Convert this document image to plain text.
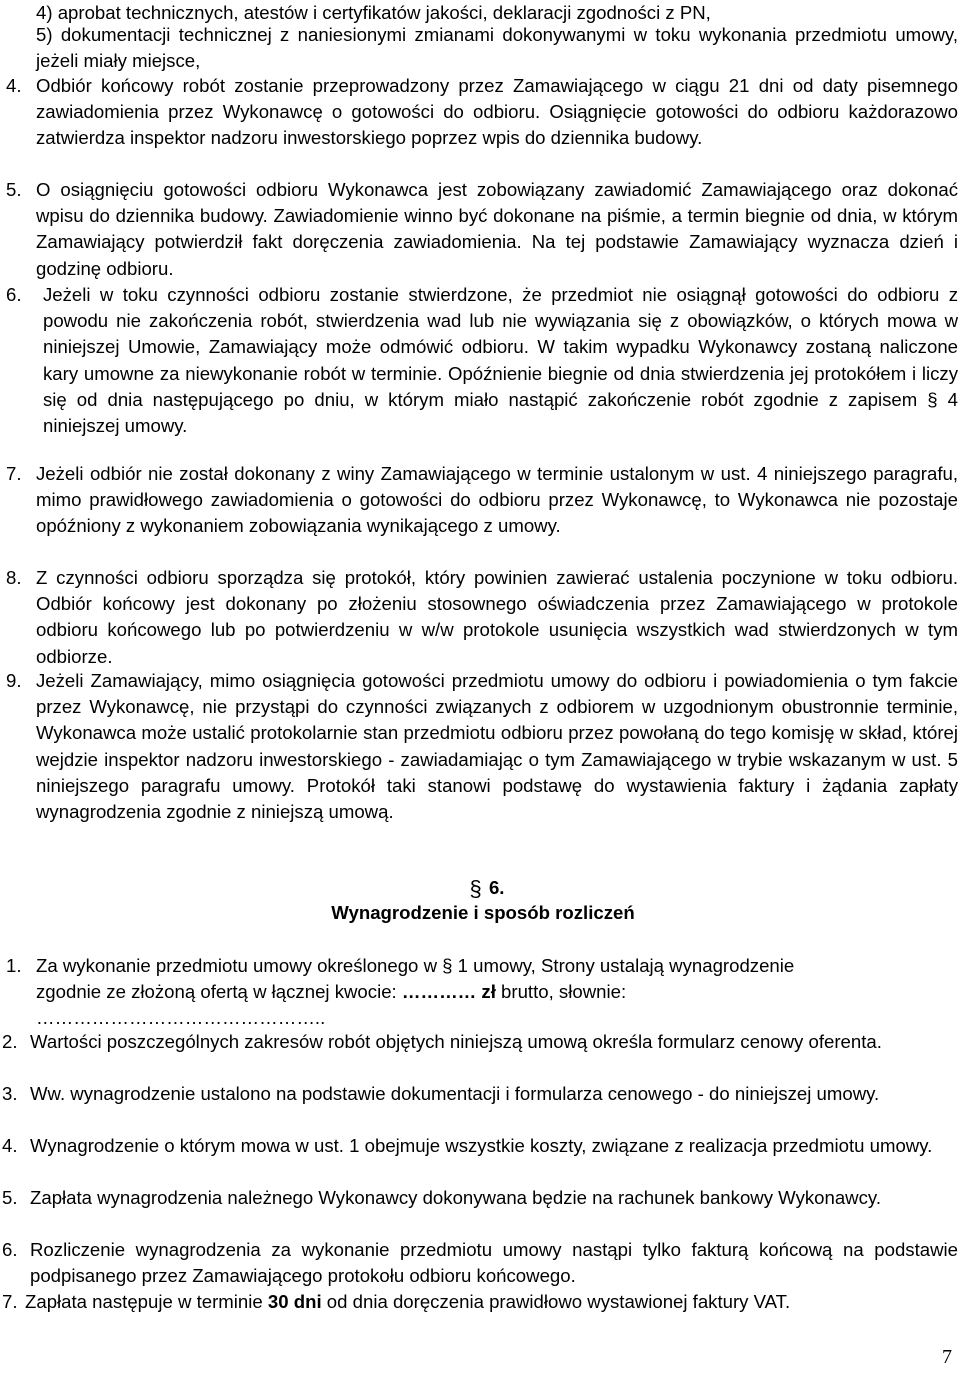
4) aprobat technicznych, atestów i certyfikatów jakości, deklaracji zgodności z PN,
5) dokumentacji technicznej z naniesionymi zmianami dokonywanymi w toku wykonania przedmiotu umowy, jeżeli miały miejsce,
4. Odbiór końcowy robót zostanie przeprowadzony przez Zamawiającego w ciągu 21 dni od daty pisemnego zawiadomienia przez Wykonawcę o gotowości do odbioru. Osiągnięcie gotowości do odbioru każdorazowo zatwierdza inspektor nadzoru inwestorskiego poprzez wpis do dziennika budowy.
5. O osiągnięciu gotowości odbioru Wykonawca jest zobowiązany zawiadomić Zamawiającego oraz dokonać wpisu do dziennika budowy. Zawiadomienie winno być dokonane na piśmie, a termin biegnie od dnia, w którym Zamawiający potwierdził fakt doręczenia zawiadomienia. Na tej podstawie Zamawiający wyznacza dzień i godzinę odbioru.
6. Jeżeli w toku czynności odbioru zostanie stwierdzone, że przedmiot nie osiągnął gotowości do odbioru z powodu nie zakończenia robót, stwierdzenia wad lub nie wywiązania się z obowiązków, o których mowa w niniejszej Umowie, Zamawiający może odmówić odbioru. W takim wypadku Wykonawcy zostaną naliczone kary umowne za niewykonanie robót w terminie. Opóźnienie biegnie od dnia stwierdzenia jej protokółem i liczy się od dnia następującego po dniu, w którym miało nastąpić zakończenie robót zgodnie z zapisem § 4 niniejszej umowy.
7. Jeżeli odbiór nie został dokonany z winy Zamawiającego w terminie ustalonym w ust. 4 niniejszego paragrafu, mimo prawidłowego zawiadomienia o gotowości do odbioru przez Wykonawcę, to Wykonawca nie pozostaje opóźniony z wykonaniem zobowiązania wynikającego z umowy.
8. Z czynności odbioru sporządza się protokół, który powinien zawierać ustalenia poczynione w toku odbioru. Odbiór końcowy jest dokonany po złożeniu stosownego oświadczenia przez Zamawiającego w protokole odbioru końcowego lub po potwierdzeniu w w/w protokole usunięcia wszystkich wad stwierdzonych w tym odbiorze.
9. Jeżeli Zamawiający, mimo osiągnięcia gotowości przedmiotu umowy do odbioru i powiadomienia o tym fakcie przez Wykonawcę, nie przystąpi do czynności związanych z odbiorem w uzgodnionym obustronnie terminie, Wykonawca może ustalić protokolarnie stan przedmiotu odbioru przez powołaną do tego komisję w skład, której wejdzie inspektor nadzoru inwestorskiego - zawiadamiając o tym Zamawiającego w trybie wskazanym w ust. 5 niniejszego paragrafu umowy. Protokół taki stanowi podstawę do wystawienia faktury i żądania zapłaty wynagrodzenia zgodnie z niniejszą umową.
§ 6.
Wynagrodzenie i sposób rozliczeń
1. Za wykonanie przedmiotu umowy określonego w § 1 umowy, Strony ustalają wynagrodzenie
zgodnie ze złożoną ofertą w łącznej kwocie: ………… zł brutto, słownie:
………………………………………..
2. Wartości poszczególnych zakresów robót objętych niniejszą umową określa formularz cenowy oferenta.
3. Ww. wynagrodzenie ustalono na podstawie dokumentacji i formularza cenowego - do niniejszej umowy.
4. Wynagrodzenie o którym mowa w ust. 1 obejmuje wszystkie koszty, związane z realizacja przedmiotu umowy.
5. Zapłata wynagrodzenia należnego Wykonawcy dokonywana będzie na rachunek bankowy Wykonawcy.
6. Rozliczenie wynagrodzenia za wykonanie przedmiotu umowy nastąpi tylko fakturą końcową na podstawie podpisanego przez Zamawiającego protokołu odbioru końcowego.
7. Zapłata następuje w terminie 30 dni od dnia doręczenia prawidłowo wystawionej faktury VAT.
7
